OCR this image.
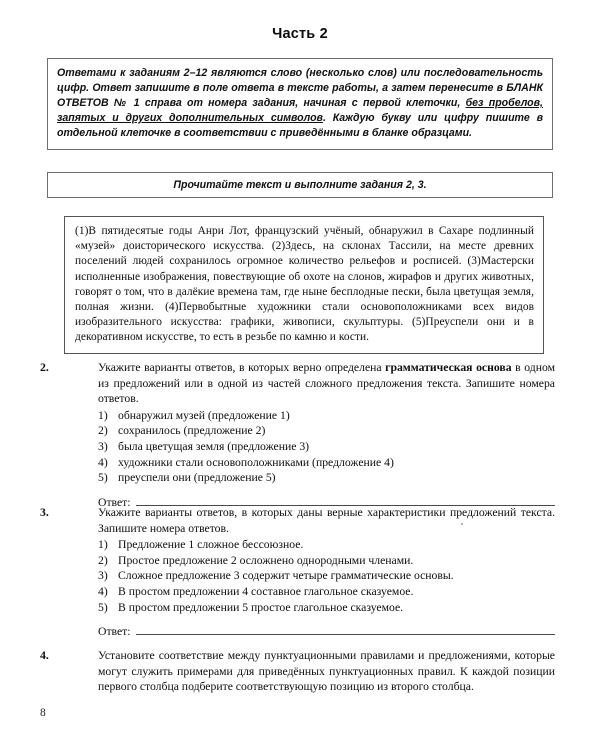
Часть 2

Ответами к заданиям 2–12 являются слово (несколько слов) или последовательность цифр. Ответ запишите в поле ответа в тексте работы, а затем перенесите в БЛАНК ОТВЕТОВ № 1 справа от номера задания, начиная с первой клеточки, без пробелов, запятых и других дополнительных символов. Каждую букву или цифру пишите в отдельной клеточке в соответствии с приведёнными в бланке образцами.

Прочитайте текст и выполните задания 2, 3.

(1)В пятидесятые годы Анри Лот, французский учёный, обнаружил в Сахаре подлинный «музей» доисторического искусства. (2)Здесь, на склонах Тассили, на месте древних поселений людей сохранилось огромное количество рельефов и росписей. (3)Мастерски исполненные изображения, повествующие об охоте на слонов, жирафов и других животных, говорят о том, что в далёкие времена там, где ныне бесплодные пески, была цветущая земля, полная жизни. (4)Первобытные художники стали основоположниками всех видов изобразительного искусства: графики, живописи, скульптуры. (5)Преуспели они и в декоративном искусстве, то есть в резьбе по камню и кости.

2.	Укажите варианты ответов, в которых верно определена грамматическая основа в одном из предложений или в одной из частей сложного предложения текста. Запишите номера ответов.

1) обнаружил музей (предложение 1)
2) сохранилось (предложение 2)
3) была цветущая земля (предложение 3)
4) художники стали основоположниками (предложение 4)
5) преуспели они (предложение 5)
Ответ:
3.	Укажите варианты ответов, в которых даны верные характеристики предложений текста. Запишите номера ответов.

1) Предложение 1 сложное бессоюзное.
2) Простое предложение 2 осложнено однородными членами.
3) Сложное предложение 3 содержит четыре грамматические основы.
4) В простом предложении 4 составное глагольное сказуемое.
5) В простом предложении 5 простое глагольное сказуемое.
Ответ:
4.	Установите соответствие между пунктуационными правилами и предложениями, которые могут служить примерами для приведённых пунктуационных правил. К каждой позиции первого столбца подберите соответствующую позицию из второго столбца.

8
